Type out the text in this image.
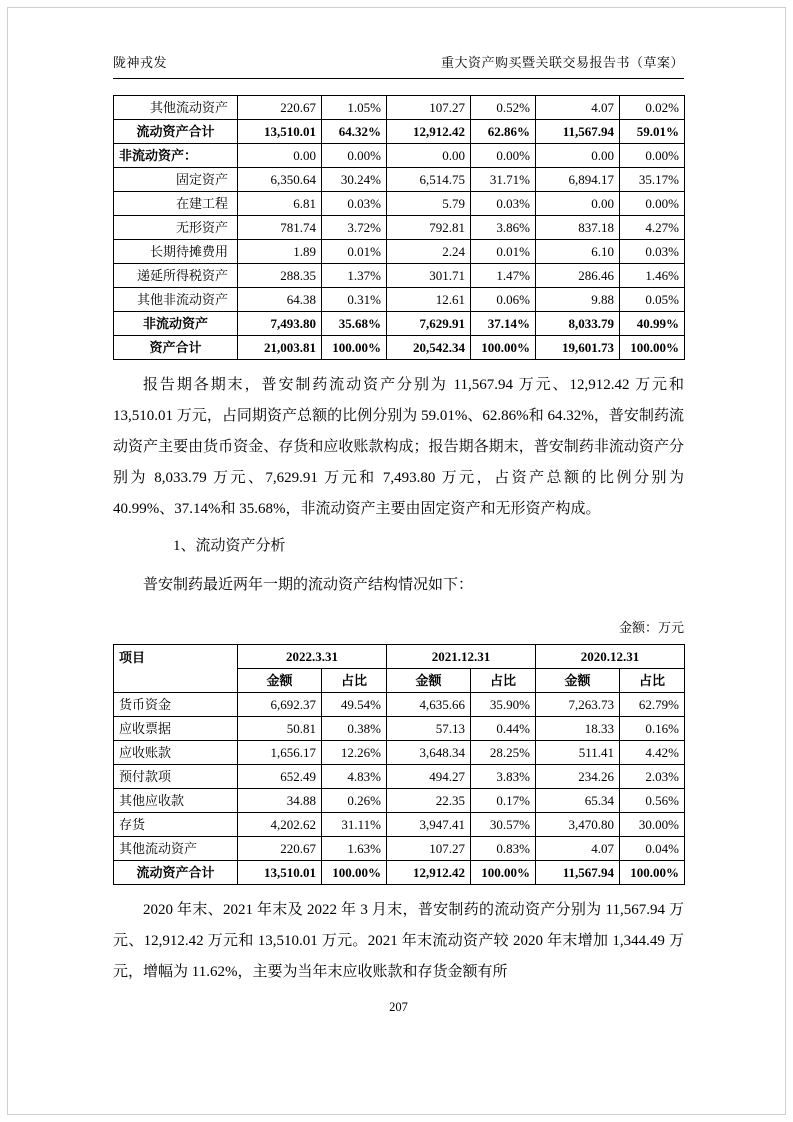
陇神戎发	重大资产购买暨关联交易报告书（草案）
其他流动资产	220.67	1.05%	107.27	0.52%	4.07	0.02%
流动资产合计	13,510.01	64.32%	12,912.42	62.86%	11,567.94	59.01%
非流动资产：	0.00	0.00%	0.00	0.00%	0.00	0.00%
固定资产	6,350.64	30.24%	6,514.75	31.71%	6,894.17	35.17%
在建工程	6.81	0.03%	5.79	0.03%	0.00	0.00%
无形资产	781.74	3.72%	792.81	3.86%	837.18	4.27%
长期待摊费用	1.89	0.01%	2.24	0.01%	6.10	0.03%
递延所得税资产	288.35	1.37%	301.71	1.47%	286.46	1.46%
其他非流动资产	64.38	0.31%	12.61	0.06%	9.88	0.05%
非流动资产	7,493.80	35.68%	7,629.91	37.14%	8,033.79	40.99%
资产合计	21,003.81	100.00%	20,542.34	100.00%	19,601.73	100.00%

报告期各期末，普安制药流动资产分别为 11,567.94 万元、12,912.42 万元和 13,510.01 万元，占同期资产总额的比例分别为 59.01%、62.86%和 64.32%，普安制药流动资产主要由货币资金、存货和应收账款构成；报告期各期末，普安制药非流动资产分别为 8,033.79 万元、7,629.91 万元和 7,493.80 万元，占资产总额的比例分别为 40.99%、37.14%和 35.68%，非流动资产主要由固定资产和无形资产构成。

1、流动资产分析

普安制药最近两年一期的流动资产结构情况如下：

金额：万元
项目	2022.3.31		2021.12.31		2020.12.31	
	金额	占比	金额	占比	金额	占比
货币资金	6,692.37	49.54%	4,635.66	35.90%	7,263.73	62.79%
应收票据	50.81	0.38%	57.13	0.44%	18.33	0.16%
应收账款	1,656.17	12.26%	3,648.34	28.25%	511.41	4.42%
预付款项	652.49	4.83%	494.27	3.83%	234.26	2.03%
其他应收款	34.88	0.26%	22.35	0.17%	65.34	0.56%
存货	4,202.62	31.11%	3,947.41	30.57%	3,470.80	30.00%
其他流动资产	220.67	1.63%	107.27	0.83%	4.07	0.04%
流动资产合计	13,510.01	100.00%	12,912.42	100.00%	11,567.94	100.00%

2020 年末、2021 年末及 2022 年 3 月末，普安制药的流动资产分别为 11,567.94 万元、12,912.42 万元和 13,510.01 万元。2021 年末流动资产较 2020 年末增加 1,344.49 万元，增幅为 11.62%，主要为当年末应收账款和存货金额有所

207
